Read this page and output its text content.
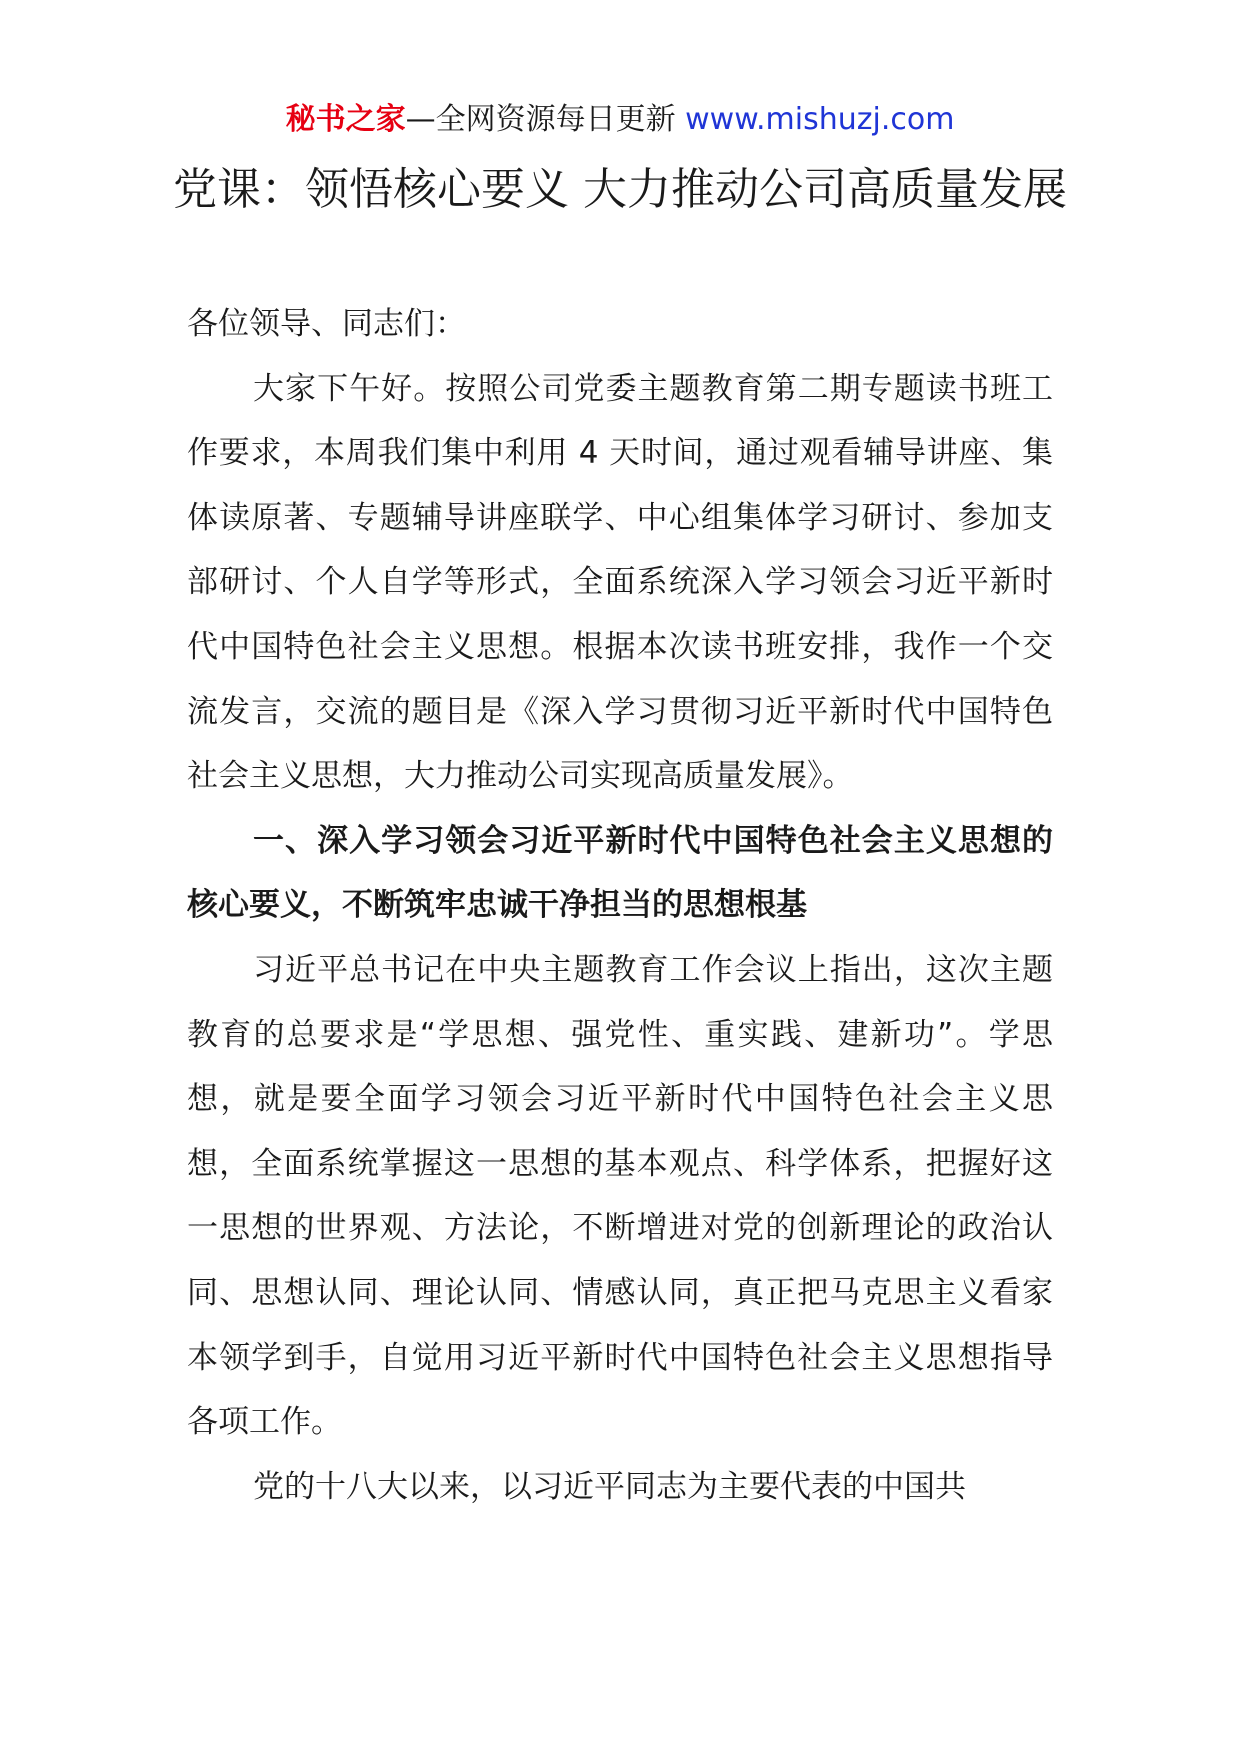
秘书之家—全网资源每日更新 www.mishuzj.com
党课：领悟核心要义 大力推动公司高质量发展

各位领导、同志们：

大家下午好。按照公司党委主题教育第二期专题读书班工作要求，本周我们集中利用 4 天时间，通过观看辅导讲座、集体读原著、专题辅导讲座联学、中心组集体学习研讨、参加支部研讨、个人自学等形式，全面系统深入学习领会习近平新时代中国特色社会主义思想。根据本次读书班安排，我作一个交流发言，交流的题目是《深入学习贯彻习近平新时代中国特色社会主义思想，大力推动公司实现高质量发展》。

一、深入学习领会习近平新时代中国特色社会主义思想的核心要义，不断筑牢忠诚干净担当的思想根基

习近平总书记在中央主题教育工作会议上指出，这次主题教育的总要求是“学思想、强党性、重实践、建新功”。学思想，就是要全面学习领会习近平新时代中国特色社会主义思想，全面系统掌握这一思想的基本观点、科学体系，把握好这一思想的世界观、方法论，不断增进对党的创新理论的政治认同、思想认同、理论认同、情感认同，真正把马克思主义看家本领学到手，自觉用习近平新时代中国特色社会主义思想指导各项工作。

党的十八大以来，以习近平同志为主要代表的中国共
